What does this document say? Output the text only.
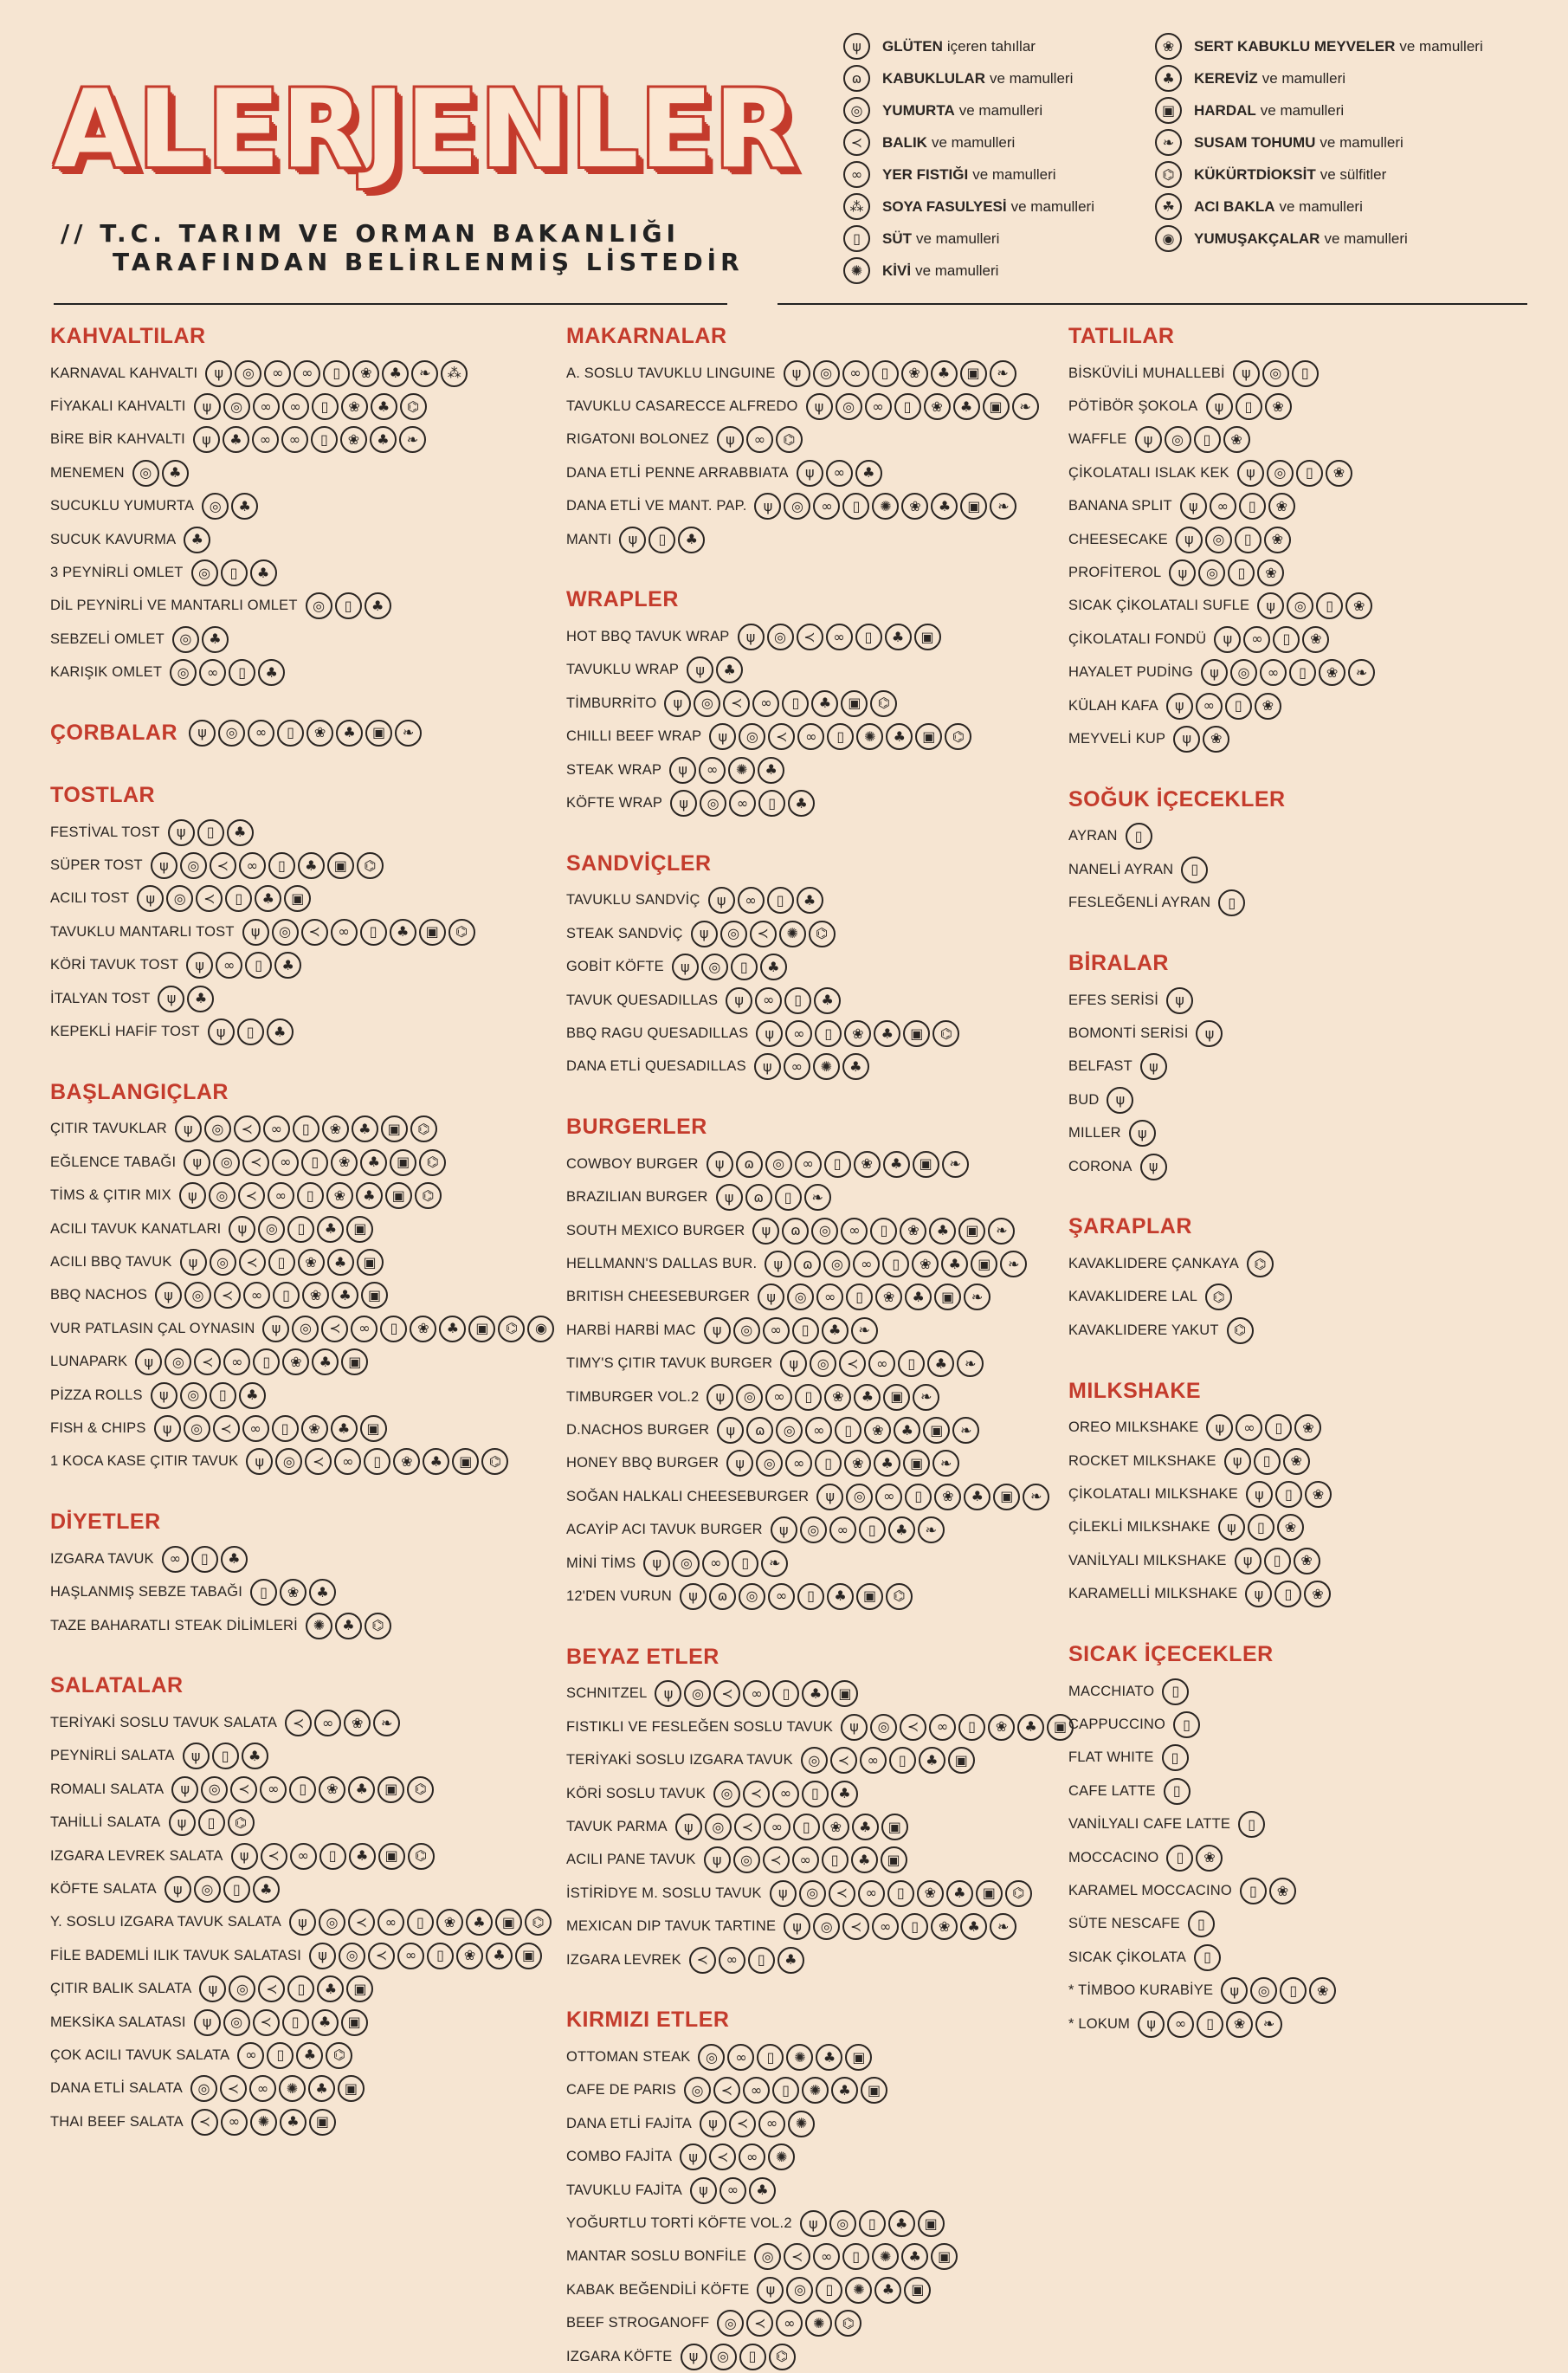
ALERJENLER
// T.C. TARIM VE ORMAN BAKANLIĞI
TARAFINDAN BELİRLENMİŞ LİSTEDİR
ψ	GLÜTEN içeren tahıllar
ɷ	KABUKLULAR ve mamulleri
◎	YUMURTA ve mamulleri
≺	BALIK ve mamulleri
∞	YER FISTIĞI ve mamulleri
⁂	SOYA FASULYESİ ve mamulleri
▯	SÜT ve mamulleri
✺	KİVİ ve mamulleri
❀	SERT KABUKLU MEYVELER ve mamulleri
♣	KEREVİZ ve mamulleri
▣	HARDAL ve mamulleri
❧	SUSAM TOHUMU ve mamulleri
⌬	KÜKÜRTDİOKSİT ve sülfitler
☘	ACI BAKLA ve mamulleri
◉	YUMUŞAKÇALAR ve mamulleri
KAHVALTILAR
KARNAVAL KAHVALTI	ψ	◎	∞	∞	▯	❀	♣	❧	⁂
FİYAKALI KAHVALTI	ψ	◎	∞	∞	▯	❀	♣	⌬
BİRE BİR KAHVALTI	ψ	♣	∞	∞	▯	❀	♣	❧
MENEMEN	◎	♣
SUCUKLU YUMURTA	◎	♣
SUCUK KAVURMA	♣
3 PEYNİRLİ OMLET	◎	▯	♣
DİL PEYNİRLİ VE MANTARLI OMLET	◎	▯	♣
SEBZELİ OMLET	◎	♣
KARIŞIK OMLET	◎	∞	▯	♣
ÇORBALAR	ψ	◎	∞	▯	❀	♣	▣	❧
TOSTLAR
FESTİVAL TOST	ψ	▯	♣
SÜPER TOST	ψ	◎	≺	∞	▯	♣	▣	⌬
ACILI TOST	ψ	◎	≺	▯	♣	▣
TAVUKLU MANTARLI TOST	ψ	◎	≺	∞	▯	♣	▣	⌬
KÖRİ TAVUK TOST	ψ	∞	▯	♣
İTALYAN TOST	ψ	♣
KEPEKLİ HAFİF TOST	ψ	▯	♣
BAŞLANGIÇLAR
ÇITIR TAVUKLAR	ψ	◎	≺	∞	▯	❀	♣	▣	⌬
EĞLENCE TABAĞI	ψ	◎	≺	∞	▯	❀	♣	▣	⌬
TİMS & ÇITIR MIX	ψ	◎	≺	∞	▯	❀	♣	▣	⌬
ACILI TAVUK KANATLARI	ψ	◎	▯	♣	▣
ACILI BBQ TAVUK	ψ	◎	≺	▯	❀	♣	▣
BBQ NACHOS	ψ	◎	≺	∞	▯	❀	♣	▣
VUR PATLASIN ÇAL OYNASIN	ψ	◎	≺	∞	▯	❀	♣	▣	⌬	◉
LUNAPARK	ψ	◎	≺	∞	▯	❀	♣	▣
PİZZA ROLLS	ψ	◎	▯	♣
FISH & CHIPS	ψ	◎	≺	∞	▯	❀	♣	▣
1 KOCA KASE ÇITIR TAVUK	ψ	◎	≺	∞	▯	❀	♣	▣	⌬
DİYETLER
IZGARA TAVUK	∞	▯	♣
HAŞLANMIŞ SEBZE TABAĞI	▯	❀	♣
TAZE BAHARATLI STEAK DİLİMLERİ	✺	♣	⌬
SALATALAR
TERİYAKİ SOSLU TAVUK SALATA	≺	∞	❀	❧
PEYNİRLİ SALATA	ψ	▯	♣
ROMALI SALATA	ψ	◎	≺	∞	▯	❀	♣	▣	⌬
TAHİLLİ SALATA	ψ	▯	⌬
IZGARA LEVREK SALATA	ψ	≺	∞	▯	♣	▣	⌬
KÖFTE SALATA	ψ	◎	▯	♣
Y. SOSLU IZGARA TAVUK SALATA	ψ	◎	≺	∞	▯	❀	♣	▣	⌬
FİLE BADEMLİ ILIK TAVUK SALATASI	ψ	◎	≺	∞	▯	❀	♣	▣
ÇITIR BALIK SALATA	ψ	◎	≺	▯	♣	▣
MEKSİKA SALATASI	ψ	◎	≺	▯	♣	▣
ÇOK ACILI TAVUK SALATA	∞	▯	♣	⌬
DANA ETLİ SALATA	◎	≺	∞	✺	♣	▣
THAI BEEF SALATA	≺	∞	✺	♣	▣
MAKARNALAR
A. SOSLU TAVUKLU LINGUINE	ψ	◎	∞	▯	❀	♣	▣	❧
TAVUKLU CASARECCE ALFREDO	ψ	◎	∞	▯	❀	♣	▣	❧
RIGATONI BOLONEZ	ψ	∞	⌬
DANA ETLİ PENNE ARRABBIATA	ψ	∞	♣
DANA ETLİ VE MANT. PAP.	ψ	◎	∞	▯	✺	❀	♣	▣	❧
MANTI	ψ	▯	♣
WRAPLER
HOT BBQ TAVUK WRAP	ψ	◎	≺	∞	▯	♣	▣
TAVUKLU WRAP	ψ	♣
TİMBURRİTO	ψ	◎	≺	∞	▯	♣	▣	⌬
CHILLI BEEF WRAP	ψ	◎	≺	∞	▯	✺	♣	▣	⌬
STEAK WRAP	ψ	∞	✺	♣
KÖFTE WRAP	ψ	◎	∞	▯	♣
SANDVİÇLER
TAVUKLU SANDVİÇ	ψ	∞	▯	♣
STEAK SANDVİÇ	ψ	◎	≺	✺	⌬
GOBİT KÖFTE	ψ	◎	▯	♣
TAVUK QUESADILLAS	ψ	∞	▯	♣
BBQ RAGU QUESADILLAS	ψ	∞	▯	❀	♣	▣	⌬
DANA ETLİ QUESADILLAS	ψ	∞	✺	♣
BURGERLER
COWBOY BURGER	ψ	ɷ	◎	∞	▯	❀	♣	▣	❧
BRAZILIAN BURGER	ψ	ɷ	▯	❧
SOUTH MEXICO BURGER	ψ	ɷ	◎	∞	▯	❀	♣	▣	❧
HELLMANN'S DALLAS BUR.	ψ	ɷ	◎	∞	▯	❀	♣	▣	❧
BRITISH CHEESEBURGER	ψ	◎	∞	▯	❀	♣	▣	❧
HARBİ HARBİ MAC	ψ	◎	∞	▯	♣	❧
TIMY'S ÇITIR TAVUK BURGER	ψ	◎	≺	∞	▯	♣	❧
TIMBURGER VOL.2	ψ	◎	∞	▯	❀	♣	▣	❧
D.NACHOS BURGER	ψ	ɷ	◎	∞	▯	❀	♣	▣	❧
HONEY BBQ BURGER	ψ	◎	∞	▯	❀	♣	▣	❧
SOĞAN HALKALI CHEESEBURGER	ψ	◎	∞	▯	❀	♣	▣	❧
ACAYİP ACI TAVUK BURGER	ψ	◎	∞	▯	♣	❧
MİNİ TİMS	ψ	◎	∞	▯	❧
12'DEN VURUN	ψ	ɷ	◎	∞	▯	♣	▣	⌬
BEYAZ ETLER
SCHNITZEL	ψ	◎	≺	∞	▯	♣	▣
FISTIKLI VE FESLEĞEN SOSLU TAVUK	ψ	◎	≺	∞	▯	❀	♣	▣
TERİYAKİ SOSLU IZGARA TAVUK	◎	≺	∞	▯	♣	▣
KÖRİ SOSLU TAVUK	◎	≺	∞	▯	♣
TAVUK PARMA	ψ	◎	≺	∞	▯	❀	♣	▣
ACILI PANE TAVUK	ψ	◎	≺	∞	▯	♣	▣
İSTİRİDYE M. SOSLU TAVUK	ψ	◎	≺	∞	▯	❀	♣	▣	⌬
MEXICAN DIP TAVUK TARTINE	ψ	◎	≺	∞	▯	❀	♣	❧
IZGARA LEVREK	≺	∞	▯	♣
KIRMIZI ETLER
OTTOMAN STEAK	◎	∞	▯	✺	♣	▣
CAFE DE PARIS	◎	≺	∞	▯	✺	♣	▣
DANA ETLİ FAJİTA	ψ	≺	∞	✺
COMBO FAJİTA	ψ	≺	∞	✺
TAVUKLU FAJİTA	ψ	∞	♣
YOĞURTLU TORTİ KÖFTE VOL.2	ψ	◎	▯	♣	▣
MANTAR SOSLU BONFİLE	◎	≺	∞	▯	✺	♣	▣
KABAK BEĞENDİLİ KÖFTE	ψ	◎	▯	✺	♣	▣
BEEF STROGANOFF	◎	≺	∞	✺	⌬
IZGARA KÖFTE	ψ	◎	▯	⌬
TATLILAR
BİSKÜVİLİ MUHALLEBİ	ψ	◎	▯
PÖTİBÖR ŞOKOLA	ψ	▯	❀
WAFFLE	ψ	◎	▯	❀
ÇİKOLATALI ISLAK KEK	ψ	◎	▯	❀
BANANA SPLIT	ψ	∞	▯	❀
CHEESECAKE	ψ	◎	▯	❀
PROFİTEROL	ψ	◎	▯	❀
SICAK ÇİKOLATALI SUFLE	ψ	◎	▯	❀
ÇİKOLATALI FONDÜ	ψ	∞	▯	❀
HAYALET PUDİNG	ψ	◎	∞	▯	❀	❧
KÜLAH KAFA	ψ	∞	▯	❀
MEYVELİ KUP	ψ	❀
SOĞUK İÇECEKLER
AYRAN	▯
NANELİ AYRAN	▯
FESLEĞENLİ AYRAN	▯
BİRALAR
EFES SERİSİ	ψ
BOMONTİ SERİSİ	ψ
BELFAST	ψ
BUD	ψ
MILLER	ψ
CORONA	ψ
ŞARAPLAR
KAVAKLIDERE ÇANKAYA	⌬
KAVAKLIDERE LAL	⌬
KAVAKLIDERE YAKUT	⌬
MILKSHAKE
OREO MILKSHAKE	ψ	∞	▯	❀
ROCKET MILKSHAKE	ψ	▯	❀
ÇİKOLATALI MILKSHAKE	ψ	▯	❀
ÇİLEKLİ MILKSHAKE	ψ	▯	❀
VANİLYALI MILKSHAKE	ψ	▯	❀
KARAMELLİ MILKSHAKE	ψ	▯	❀
SICAK İÇECEKLER
MACCHIATO	▯
CAPPUCCINO	▯
FLAT WHITE	▯
CAFE LATTE	▯
VANİLYALI CAFE LATTE	▯
MOCCACINO	▯	❀
KARAMEL MOCCACINO	▯	❀
SÜTE NESCAFE	▯
SICAK ÇİKOLATA	▯
* TİMBOO KURABİYE	ψ	◎	▯	❀
* LOKUM	ψ	∞	▯	❀	❧
